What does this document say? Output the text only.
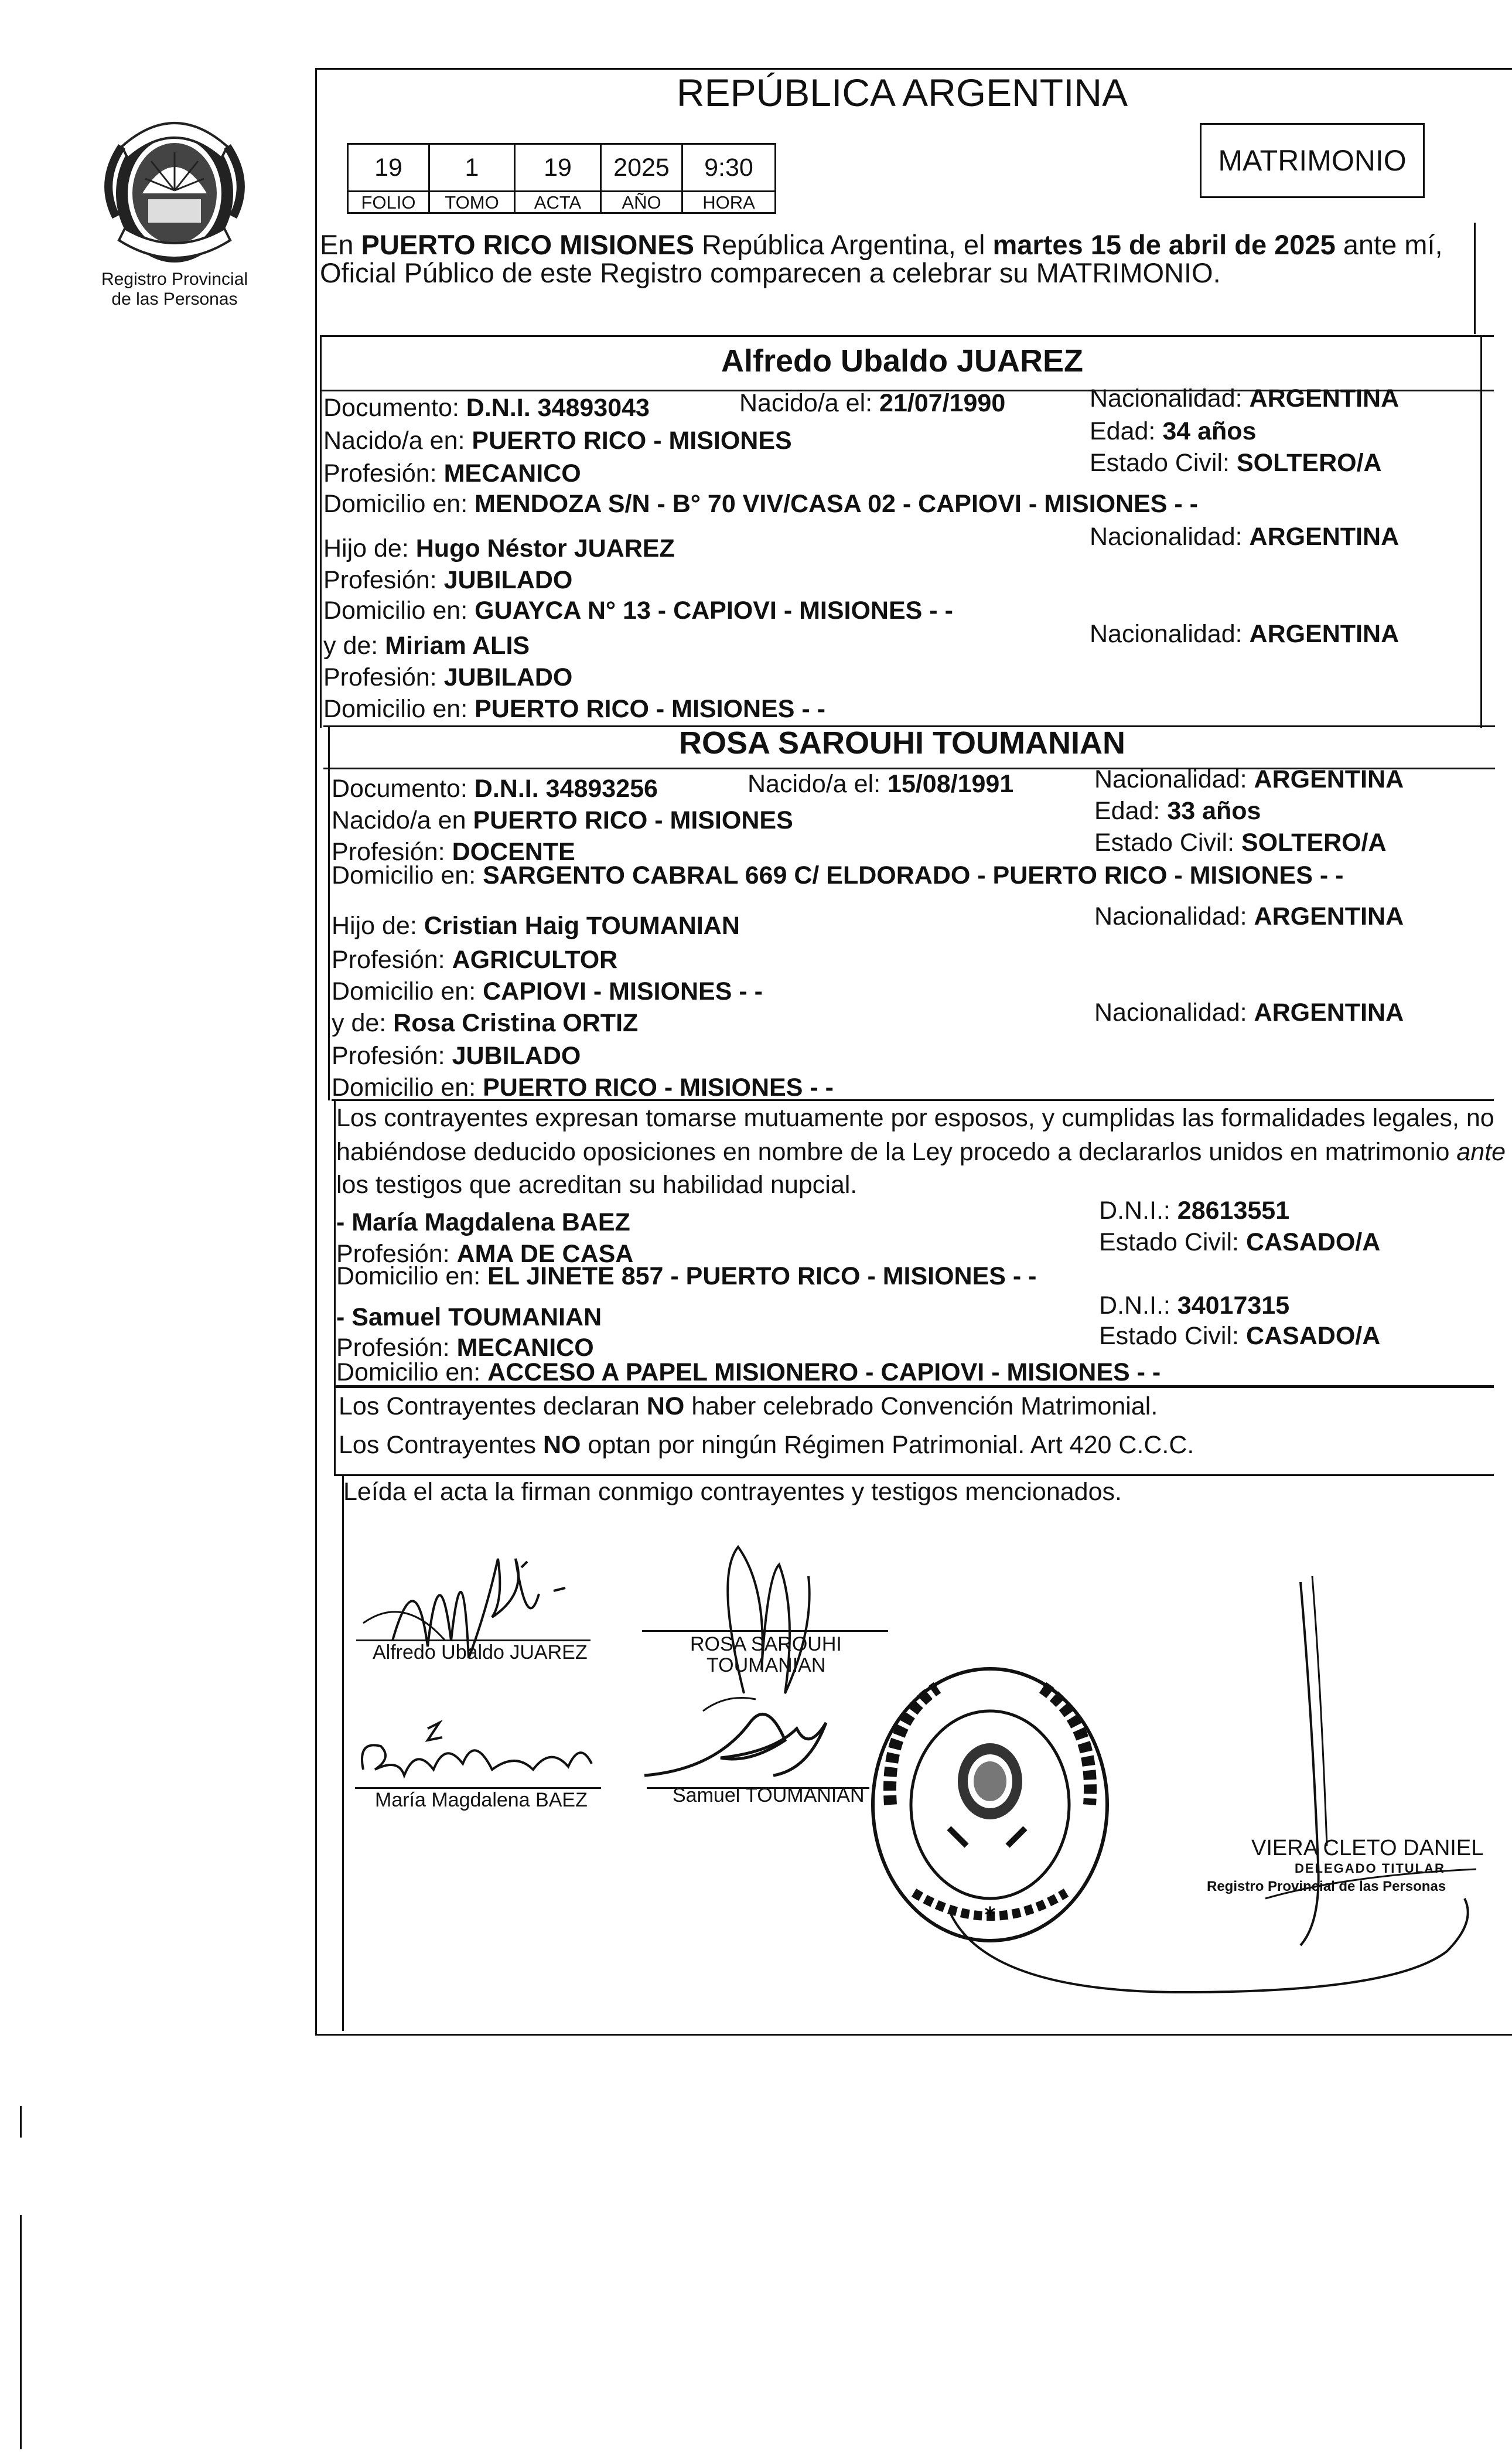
Registro Provincial
de las Personas
REPÚBLICA ARGENTINA
19	1	19	2025	9:30
FOLIO	TOMO	ACTA	AÑO	HORA
MATRIMONIO
En PUERTO RICO MISIONES República Argentina, el martes 15 de abril de 2025 ante mí,
Oficial Público de este Registro comparecen a celebrar su MATRIMONIO.
Alfredo Ubaldo JUAREZ
Documento: D.N.I. 34893043	Nacido/a el: 21/07/1990	Nacionalidad: ARGENTINA
Nacido/a en: PUERTO RICO - MISIONES	Edad: 34 años
Profesión: MECANICO	Estado Civil: SOLTERO/A
Domicilio en: MENDOZA S/N - B° 70 VIV/CASA 02 - CAPIOVI - MISIONES - -
Hijo de: Hugo Néstor JUAREZ	Nacionalidad: ARGENTINA
Profesión: JUBILADO
Domicilio en: GUAYCA N° 13 - CAPIOVI - MISIONES - -
y de: Miriam ALIS	Nacionalidad: ARGENTINA
Profesión: JUBILADO
Domicilio en: PUERTO RICO - MISIONES - -
ROSA SAROUHI TOUMANIAN
Documento: D.N.I. 34893256	Nacido/a el: 15/08/1991	Nacionalidad: ARGENTINA
Nacido/a en PUERTO RICO - MISIONES	Edad: 33 años
Profesión: DOCENTE	Estado Civil: SOLTERO/A
Domicilio en: SARGENTO CABRAL 669 C/ ELDORADO - PUERTO RICO - MISIONES - -
Hijo de: Cristian Haig TOUMANIAN	Nacionalidad: ARGENTINA
Profesión: AGRICULTOR
Domicilio en: CAPIOVI - MISIONES - -
y de: Rosa Cristina ORTIZ	Nacionalidad: ARGENTINA
Profesión: JUBILADO
Domicilio en: PUERTO RICO - MISIONES - -
Los contrayentes expresan tomarse mutuamente por esposos, y cumplidas las formalidades legales, no
habiéndose deducido oposiciones en nombre de la Ley procedo a declararlos unidos en matrimonio ante
los testigos que acreditan su habilidad nupcial.
- María Magdalena BAEZ	D.N.I.: 28613551
Profesión: AMA DE CASA	Estado Civil: CASADO/A
Domicilio en: EL JINETE 857 - PUERTO RICO - MISIONES - -
- Samuel TOUMANIAN	D.N.I.: 34017315
Profesión: MECANICO	Estado Civil: CASADO/A
Domicilio en: ACCESO A PAPEL MISIONERO - CAPIOVI - MISIONES - -
Los Contrayentes declaran NO haber celebrado Convención Matrimonial.
Los Contrayentes NO optan por ningún Régimen Patrimonial. Art 420 C.C.C.
Leída el acta la firman conmigo contrayentes y testigos mencionados.
Alfredo Ubaldo JUAREZ	ROSA SAROUHI
TOUMANIAN
María Magdalena BAEZ	Samuel TOUMANIAN
*
VIERA CLETO DANIEL
DELEGADO TITULAR
Registro Provincial de las Personas
